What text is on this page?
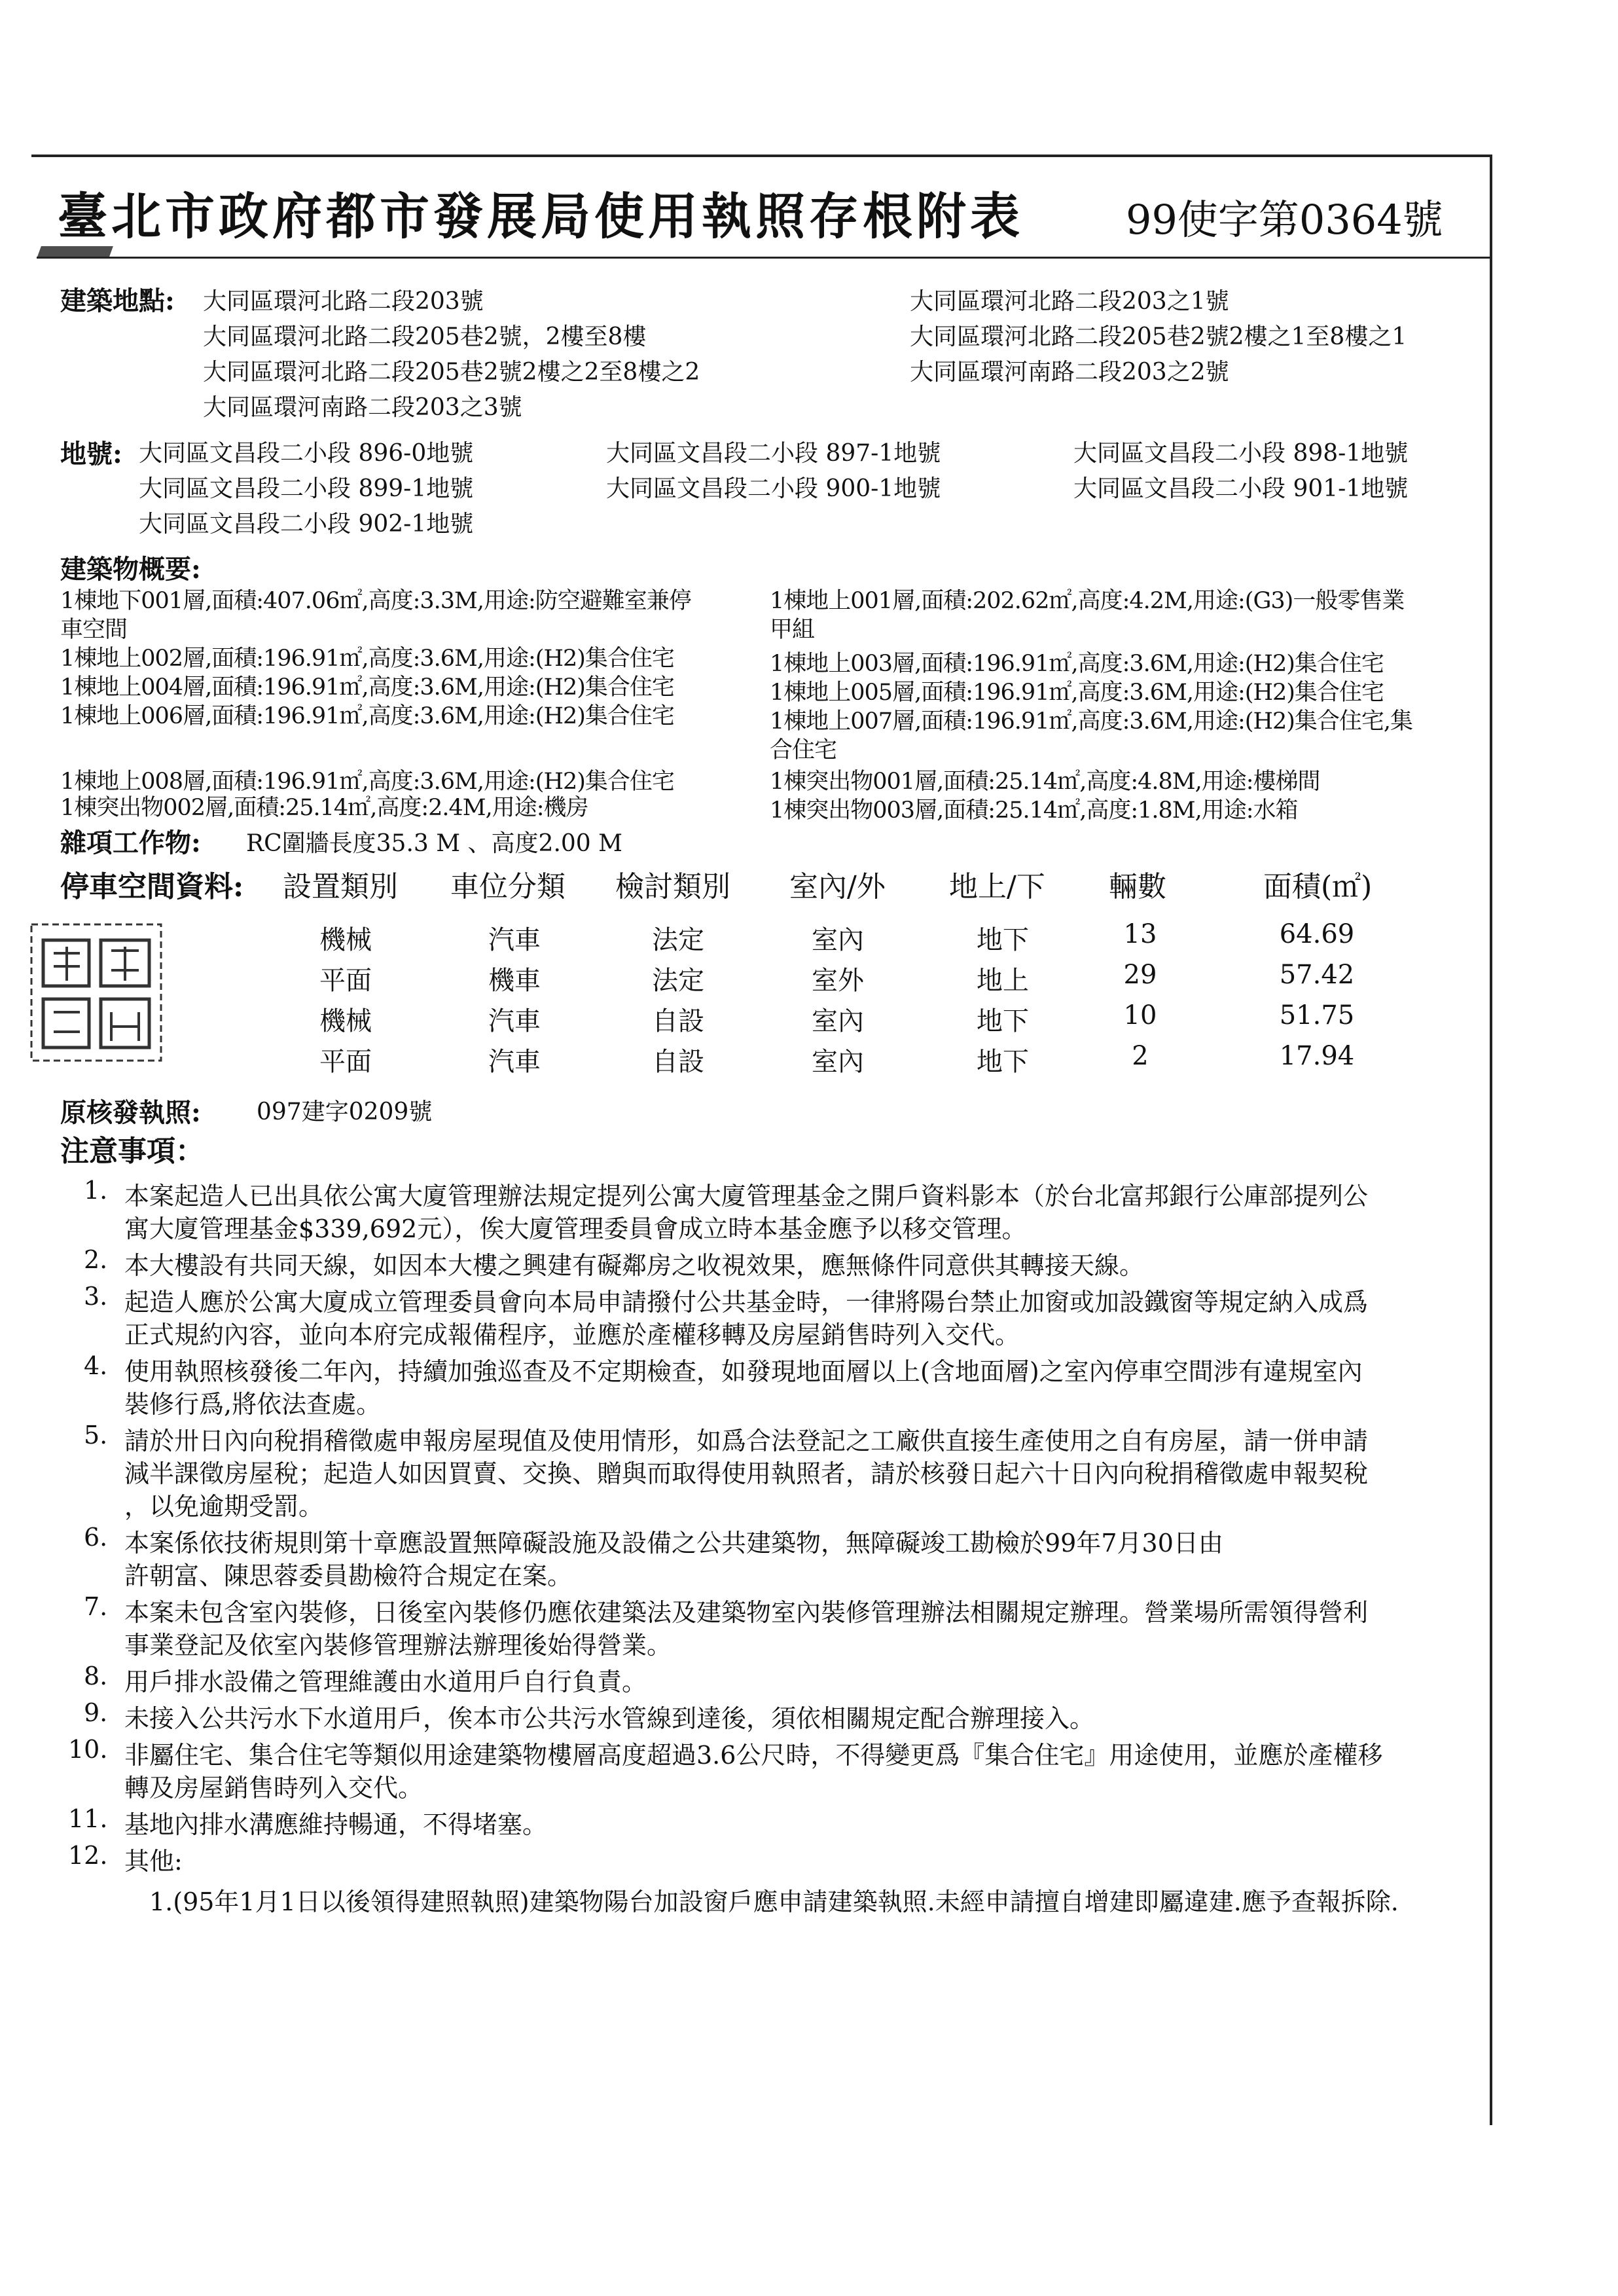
臺北市政府都市發展局使用執照存根附表	99使字第0364號
建築地點: 大同區環河北路二段203號
大同區環河北路二段205巷2號，2樓至8樓
大同區環河北路二段205巷2號2樓之2至8樓之2
大同區環河南路二段203之3號
大同區環河北路二段203之1號
大同區環河北路二段205巷2號2樓之1至8樓之1
大同區環河南路二段203之2號
地號: 大同區文昌段二小段 896-0地號	大同區文昌段二小段 897-1地號	大同區文昌段二小段 898-1地號
大同區文昌段二小段 899-1地號	大同區文昌段二小段 900-1地號	大同區文昌段二小段 901-1地號
大同區文昌段二小段 902-1地號
建築物概要:
1棟地下001層,面積:407.06㎡,高度:3.3M,用途:防空避難室兼停
車空間
1棟地上002層,面積:196.91㎡,高度:3.6M,用途:(H2)集合住宅
1棟地上004層,面積:196.91㎡,高度:3.6M,用途:(H2)集合住宅
1棟地上006層,面積:196.91㎡,高度:3.6M,用途:(H2)集合住宅
1棟地上008層,面積:196.91㎡,高度:3.6M,用途:(H2)集合住宅
1棟突出物002層,面積:25.14㎡,高度:2.4M,用途:機房
1棟地上001層,面積:202.62㎡,高度:4.2M,用途:(G3)一般零售業
甲組
1棟地上003層,面積:196.91㎡,高度:3.6M,用途:(H2)集合住宅
1棟地上005層,面積:196.91㎡,高度:3.6M,用途:(H2)集合住宅
1棟地上007層,面積:196.91㎡,高度:3.6M,用途:(H2)集合住宅,集
合住宅
1棟突出物001層,面積:25.14㎡,高度:4.8M,用途:樓梯間
1棟突出物003層,面積:25.14㎡,高度:1.8M,用途:水箱
雜項工作物: RC圍牆長度35.3 M 、高度2.00 M
停車空間資料: 設置類別 車位分類 檢討類別 室內/外 地上/下 輛數	面積(㎡)
機械	汽車	法定	室內	地下	13	64.69
平面	機車	法定	室外	地上	29	57.42
機械	汽車	自設	室內	地下	10	51.75
平面	汽車	自設	室內	地下	2	17.94
原核發執照: 097建字0209號
注意事項：
1. 本案起造人已出具依公寓大廈管理辦法規定提列公寓大廈管理基金之開戶資料影本（於台北富邦銀行公庫部提列公
寓大廈管理基金$339,692元），俟大廈管理委員會成立時本基金應予以移交管理。
2. 本大樓設有共同天線，如因本大樓之興建有礙鄰房之收視效果，應無條件同意供其轉接天線。
3. 起造人應於公寓大廈成立管理委員會向本局申請撥付公共基金時，一律將陽台禁止加窗或加設鐵窗等規定納入成爲
正式規約內容，並向本府完成報備程序，並應於產權移轉及房屋銷售時列入交代。
4. 使用執照核發後二年內，持續加強巡查及不定期檢查，如發現地面層以上(含地面層)之室內停車空間涉有違規室內
裝修行爲,將依法查處。
5. 請於卅日內向稅捐稽徵處申報房屋現值及使用情形，如爲合法登記之工廠供直接生產使用之自有房屋，請一併申請
減半課徵房屋稅；起造人如因買賣、交換、贈與而取得使用執照者，請於核發日起六十日內向稅捐稽徵處申報契稅
，以免逾期受罰。
6. 本案係依技術規則第十章應設置無障礙設施及設備之公共建築物，無障礙竣工勘檢於99年7月30日由
許朝富、陳思蓉委員勘檢符合規定在案。
7. 本案未包含室內裝修，日後室內裝修仍應依建築法及建築物室內裝修管理辦法相關規定辦理。營業場所需領得營利
事業登記及依室內裝修管理辦法辦理後始得營業。
8. 用戶排水設備之管理維護由水道用戶自行負責。
9. 未接入公共污水下水道用戶，俟本市公共污水管線到達後，須依相關規定配合辦理接入。
10. 非屬住宅、集合住宅等類似用途建築物樓層高度超過3.6公尺時，不得變更爲『集合住宅』用途使用，並應於產權移
轉及房屋銷售時列入交代。
11. 基地內排水溝應維持暢通，不得堵塞。
12. 其他:
1.(95年1月1日以後領得建照執照)建築物陽台加設窗戶應申請建築執照.未經申請擅自增建即屬違建.應予查報拆除.
